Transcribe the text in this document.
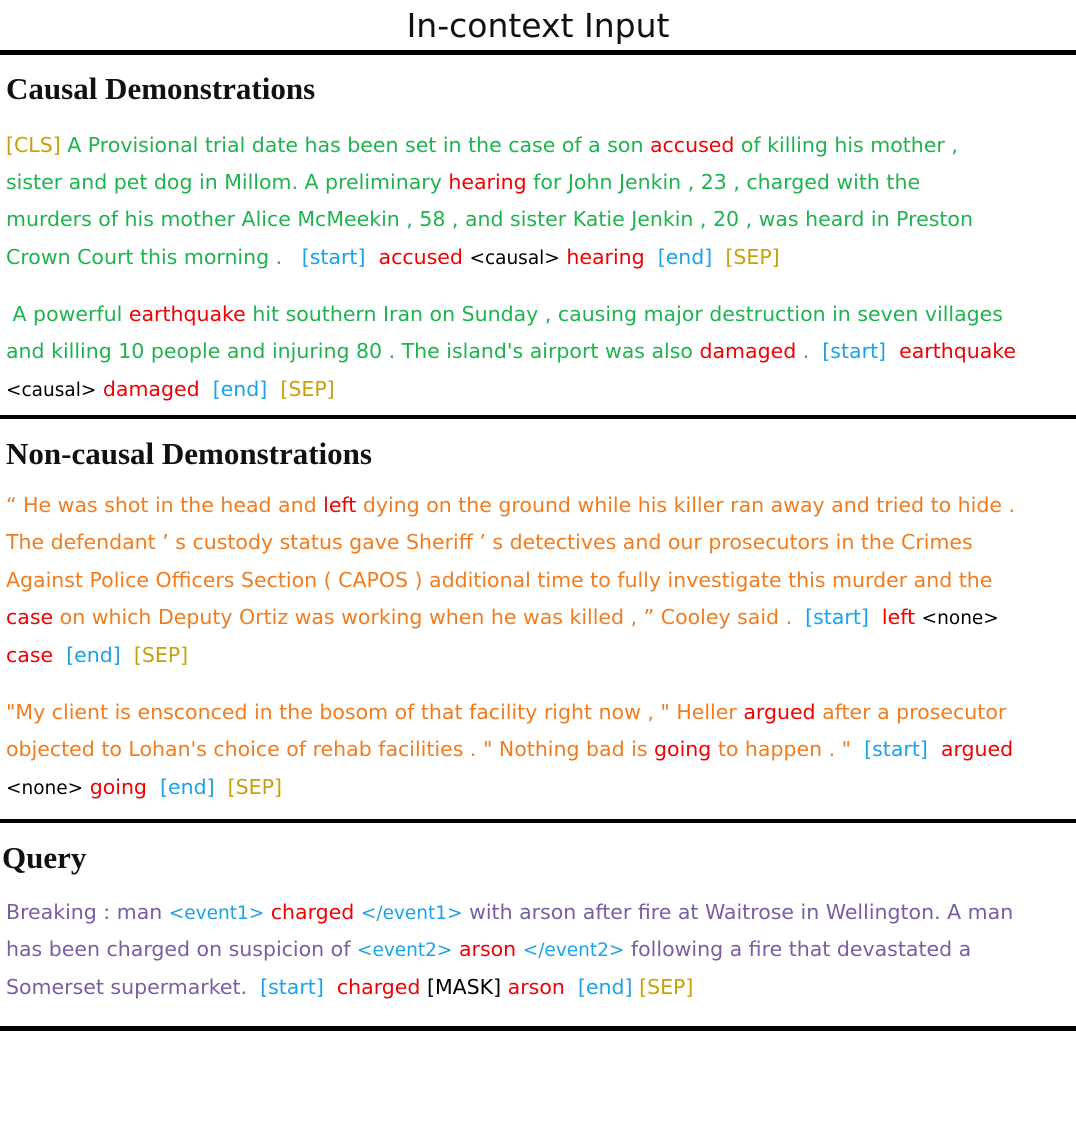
In-context Input
Causal Demonstrations
[CLS] A Provisional trial date has been set in the case of a son accused of killing his mother ,
sister and pet dog in Millom. A preliminary hearing for John Jenkin , 23 , charged with the
murders of his mother Alice McMeekin , 58 , and sister Katie Jenkin , 20 , was heard in Preston
Crown Court this morning .   [start] accused <causal> hearing [end] [SEP]
A powerful earthquake hit southern Iran on Sunday , causing major destruction in seven villages
and killing 10 people and injuring 80 . The island's airport was also damaged .  [start] earthquake
<causal> damaged [end] [SEP]
Non-causal Demonstrations
“ He was shot in the head and left dying on the ground while his killer ran away and tried to hide .
The defendant ’ s custody status gave Sheriff ’ s detectives and our prosecutors in the Crimes
Against Police Officers Section ( CAPOS ) additional time to fully investigate this murder and the
case on which Deputy Ortiz was working when he was killed , ” Cooley said .  [start] left <none>
case [end] [SEP]
"My client is ensconced in the bosom of that facility right now , " Heller argued after a prosecutor
objected to Lohan's choice of rehab facilities . " Nothing bad is going to happen . "  [start] argued
<none> going [end] [SEP]
Query
Breaking : man <event1> charged </event1> with arson after fire at Waitrose in Wellington. A man
has been charged on suspicion of <event2> arson </event2> following a fire that devastated a
Somerset supermarket.  [start] charged [MASK] arson [end] [SEP]
